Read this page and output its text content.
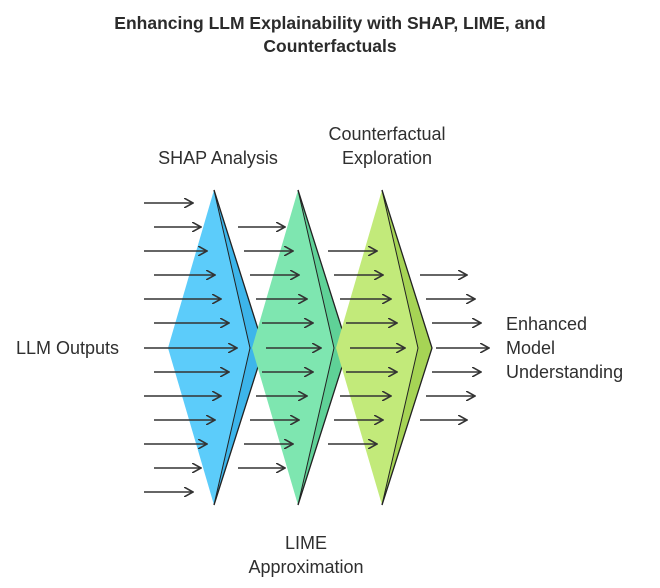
Enhancing LLM Explainability with SHAP, LIME, and
Counterfactuals
LLM Outputs
SHAP Analysis
LIME
Approximation
Counterfactual
Exploration
Enhanced
Model
Understanding
